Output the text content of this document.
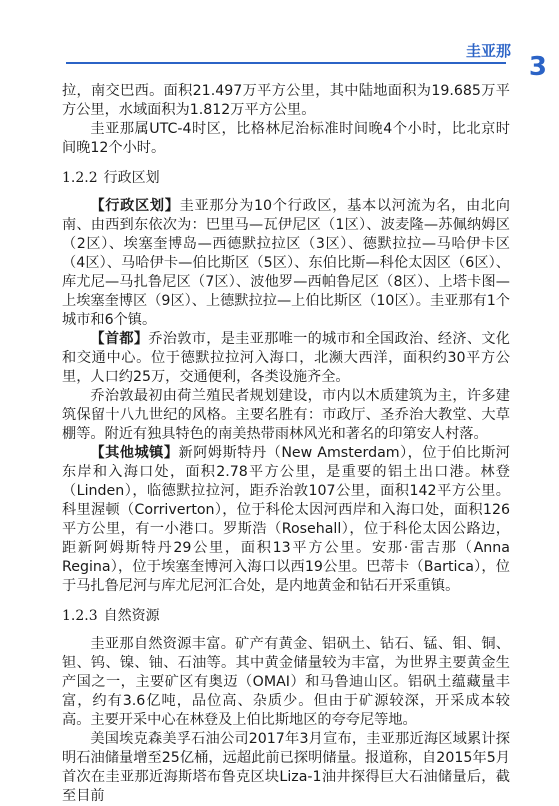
圭亚那
3

拉，南交巴西。面积21.497万平方公里，其中陆地面积为19.685万平方公里，水域面积为1.812万平方公里。

圭亚那属UTC-4时区，比格林尼治标准时间晚4个小时，比北京时间晚12个小时。

1.2.2 行政区划

【行政区划】圭亚那分为10个行政区，基本以河流为名，由北向南、由西到东依次为：巴里马—瓦伊尼区（1区）、波麦隆—苏佩纳姆区（2区）、埃塞奎博岛—西德默拉拉区（3区）、德默拉拉—马哈伊卡区（4区）、马哈伊卡—伯比斯区（5区）、东伯比斯—科伦太因区（6区）、库尤尼—马扎鲁尼区（7区）、波他罗—西帕鲁尼区（8区）、上塔卡图—上埃塞奎博区（9区）、上德默拉拉—上伯比斯区（10区）。圭亚那有1个城市和6个镇。

【首都】乔治敦市，是圭亚那唯一的城市和全国政治、经济、文化和交通中心。位于德默拉拉河入海口，北濒大西洋，面积约30平方公里，人口约25万，交通便利，各类设施齐全。

乔治敦最初由荷兰殖民者规划建设，市内以木质建筑为主，许多建筑保留十八九世纪的风格。主要名胜有：市政厅、圣乔治大教堂、大草棚等。附近有独具特色的南美热带雨林风光和著名的印第安人村落。

【其他城镇】新阿姆斯特丹（New Amsterdam），位于伯比斯河东岸和入海口处，面积2.78平方公里，是重要的铝土出口港。林登（Linden），临德默拉拉河，距乔治敦107公里，面积142平方公里。科里渥顿（Corriverton），位于科伦太因河西岸和入海口处，面积126平方公里，有一小港口。罗斯浩（Rosehall），位于科伦太因公路边，距新阿姆斯特丹29公里，面积13平方公里。安那·雷吉那（Anna Regina），位于埃塞奎博河入海口以西19公里。巴蒂卡（Bartica），位于马扎鲁尼河与库尤尼河汇合处，是内地黄金和钻石开采重镇。

1.2.3 自然资源

圭亚那自然资源丰富。矿产有黄金、铝矾土、钻石、锰、钼、铜、钽、钨、镍、铀、石油等。其中黄金储量较为丰富，为世界主要黄金生产国之一，主要矿区有奥迈（OMAI）和马鲁迪山区。铝矾土蕴藏量丰富，约有3.6亿吨，品位高、杂质少。但由于矿源较深，开采成本较高。主要开采中心在林登及上伯比斯地区的夸夸尼等地。

美国埃克森美孚石油公司2017年3月宣布，圭亚那近海区域累计探明石油储量增至25亿桶，远超此前已探明储量。报道称，自2015年5月首次在圭亚那近海斯塔布鲁克区块Liza-1油井探得巨大石油储量后，截至目前
